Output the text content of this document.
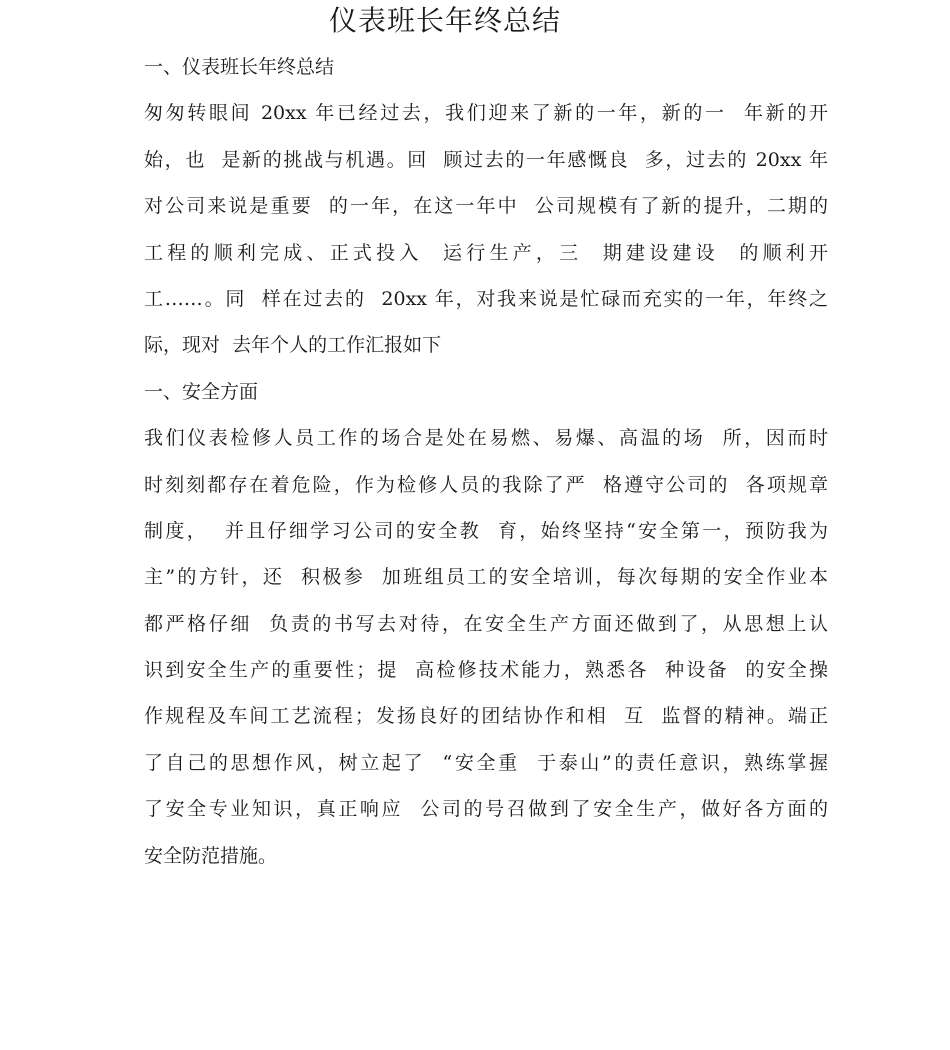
仪表班长年终总结
一、仪表班长年终总结
匆匆转眼间 20xx 年已经过去，我们迎来了新的一年，新的一  年新的开
始，也  是新的挑战与机遇。回  顾过去的一年感慨良  多，过去的 20xx 年
对公司来说是重要  的一年，在这一年中  公司规模有了新的提升，二期的
工程的顺利完成、正式投入  运行生产，三  期建设建设  的顺利开
工……。同  样在过去的  20xx 年，对我来说是忙碌而充实的一年，年终之
际，现对  去年个人的工作汇报如下
一、安全方面
我们仪表检修人员工作的场合是处在易燃、易爆、高温的场  所，因而时
时刻刻都存在着危险，作为检修人员的我除了严  格遵守公司的  各项规章
制度，  并且仔细学习公司的安全教  育，始终坚持“安全第一，预防我为
主”的方针，还  积极参  加班组员工的安全培训，每次每期的安全作业本
都严格仔细  负责的书写去对待，在安全生产方面还做到了，从思想上认
识到安全生产的重要性；提  高检修技术能力，熟悉各  种设备  的安全操
作规程及车间工艺流程；发扬良好的团结协作和相  互  监督的精神。端正
了自己的思想作风，树立起了  “安全重  于泰山”的责任意识，熟练掌握
了安全专业知识，真正响应  公司的号召做到了安全生产，做好各方面的
安全防范措施。
